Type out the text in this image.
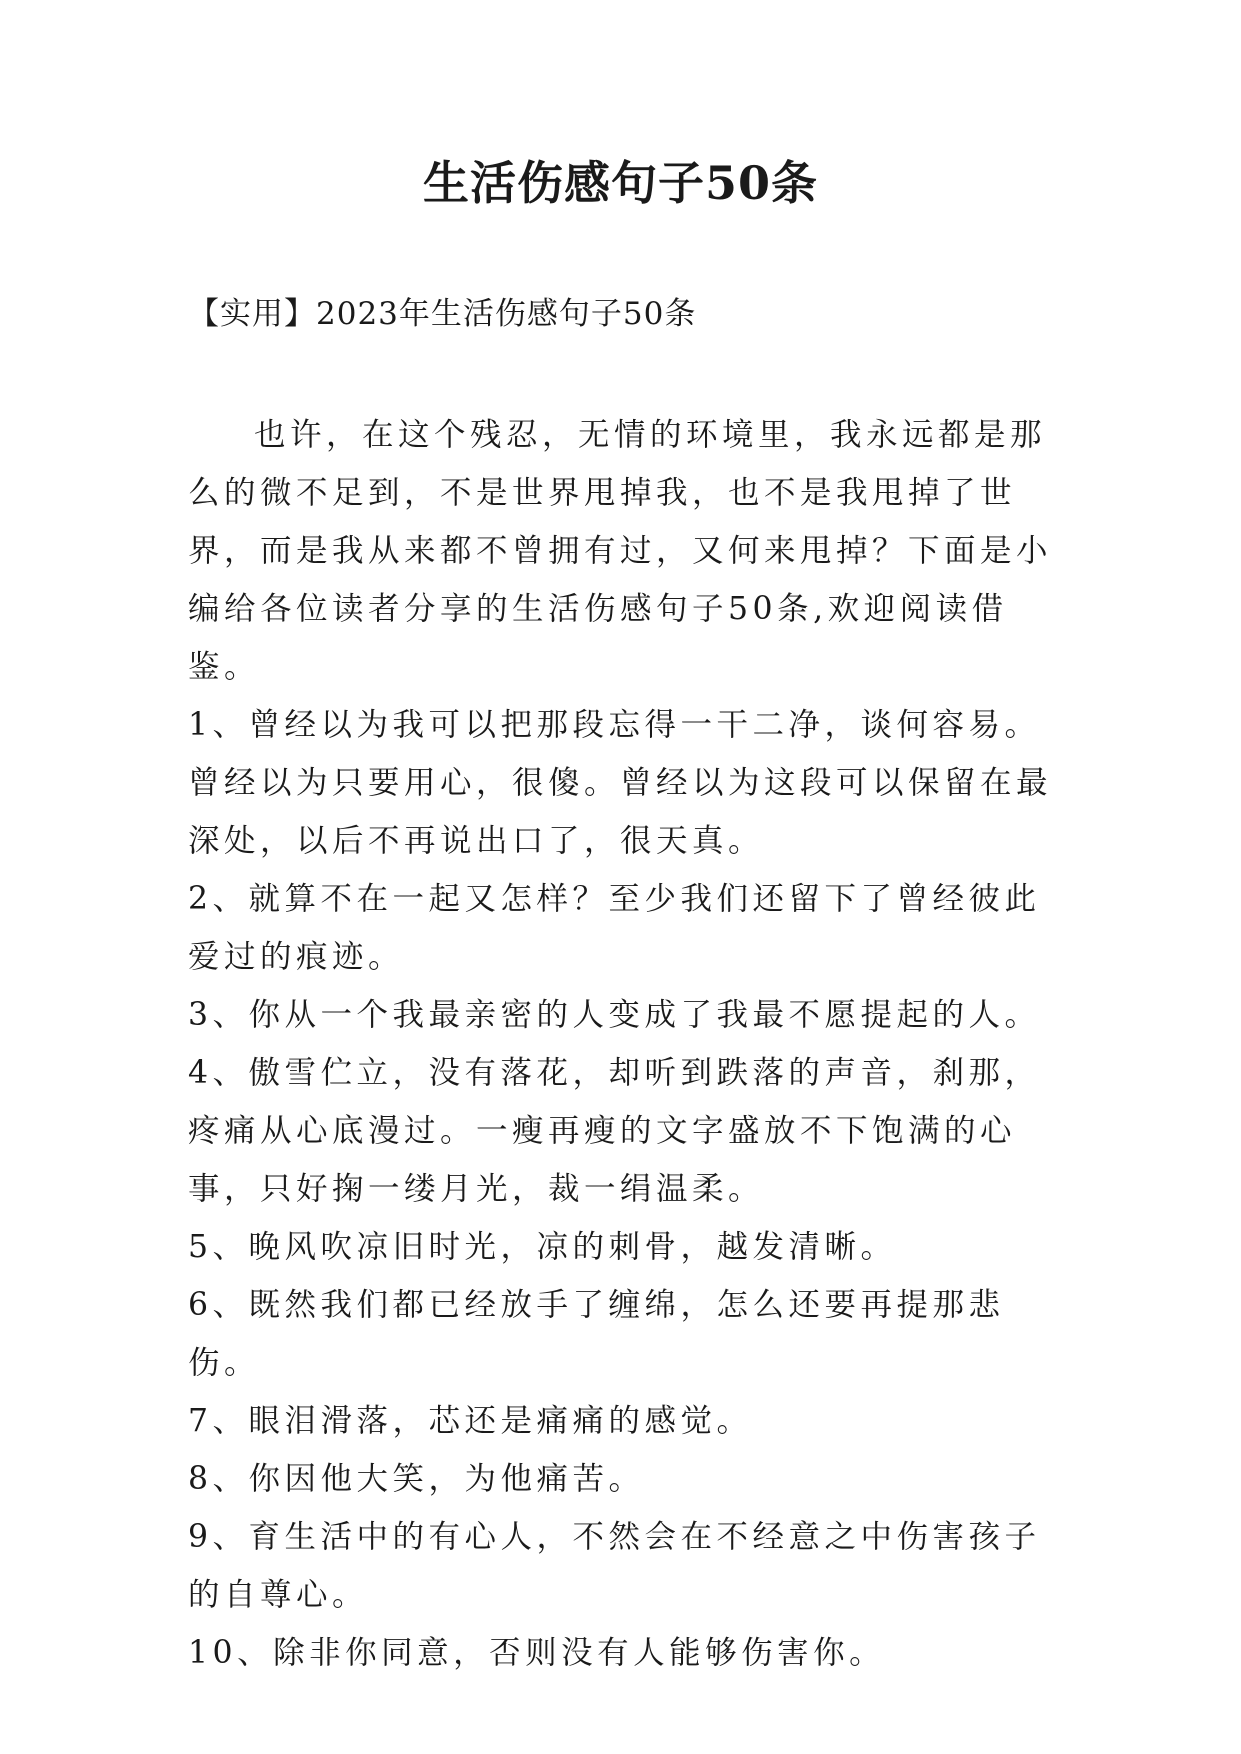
生活伤感句子50条
【实用】2023年生活伤感句子50条

也许，在这个残忍，无情的环境里，我永远都是那么的微不足到，不是世界甩掉我，也不是我甩掉了世界，而是我从来都不曾拥有过，又何来甩掉？下面是小编给各位读者分享的生活伤感句子50条,欢迎阅读借鉴。

1、曾经以为我可以把那段忘得一干二净，谈何容易。曾经以为只要用心，很傻。曾经以为这段可以保留在最深处，以后不再说出口了，很天真。

2、就算不在一起又怎样？至少我们还留下了曾经彼此爱过的痕迹。

3、你从一个我最亲密的人变成了我最不愿提起的人。

4、傲雪伫立，没有落花，却听到跌落的声音，刹那，疼痛从心底漫过。一瘦再瘦的文字盛放不下饱满的心事，只好掬一缕月光，裁一绢温柔。

5、晚风吹凉旧时光，凉的刺骨，越发清晰。

6、既然我们都已经放手了缠绵，怎么还要再提那悲伤。

7、眼泪滑落，芯还是痛痛的感觉。

8、你因他大笑，为他痛苦。

9、育生活中的有心人，不然会在不经意之中伤害孩子的自尊心。

10、除非你同意，否则没有人能够伤害你。
